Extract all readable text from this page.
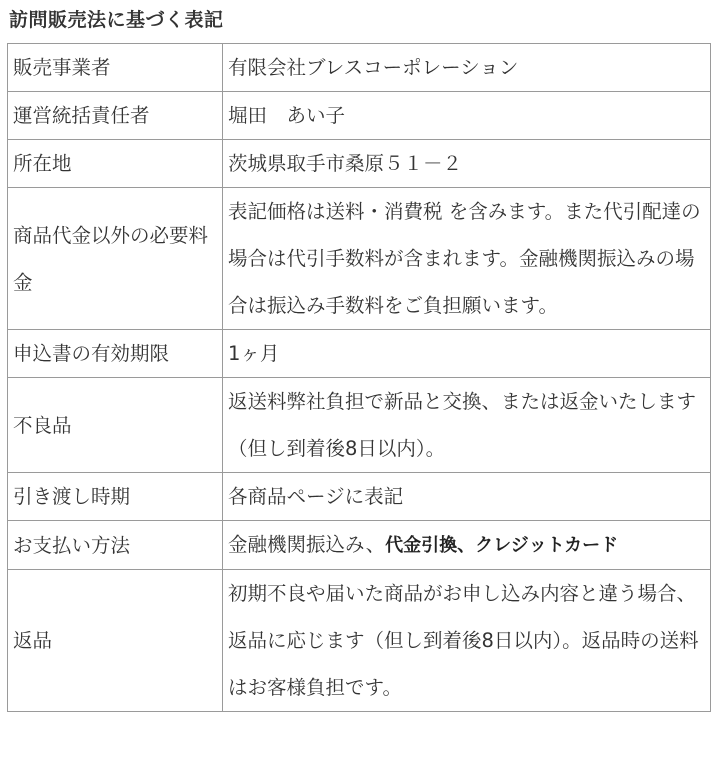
訪問販売法に基づく表記
販売事業者	有限会社ブレスコーポレーション
運営統括責任者	堀田　あい子
所在地	茨城県取手市桑原５１－２
商品代金以外の必要料金	表記価格は送料・消費税 を含みます。また代引配達の場合は代引手数料が含まれます。金融機関振込みの場合は振込み手数料をご負担願います。
申込書の有効期限	1ヶ月
不良品	返送料弊社負担で新品と交換、または返金いたします（但し到着後8日以内）。
引き渡し時期	各商品ページに表記
お支払い方法	金融機関振込み、代金引換、クレジットカード
返品	初期不良や届いた商品がお申し込み内容と違う場合、返品に応じます（但し到着後8日以内）。返品時の送料はお客様負担です。
